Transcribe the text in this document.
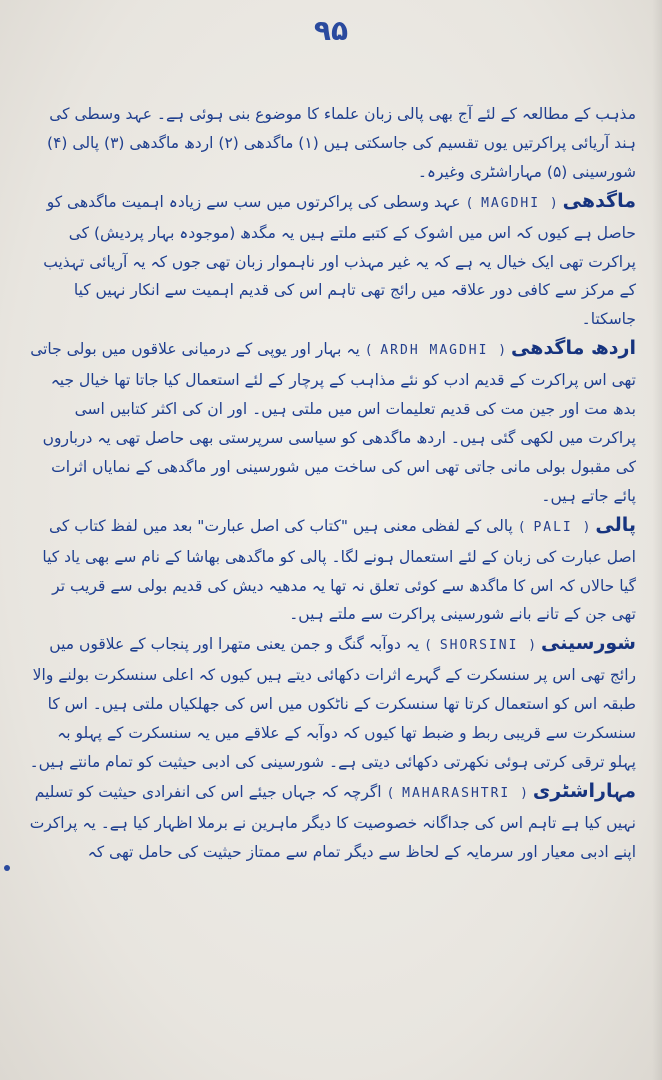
۹۵

مذہب کے مطالعہ کے لئے آج بھی پالی زبان علماء کا موضوع بنی ہوئی ہے۔ عہد وسطی کی ہند آریائی پراکرتیں یوں تقسیم کی جاسکتی ہیں (۱) ماگدھی (۲) اردھ ماگدھی (۳) پالی (۴) شورسینی (۵) مہاراشٹری وغیرہ۔

ماگدھی ( MAGDHI ) عہد وسطی کی پراکرتوں میں سب سے زیادہ اہمیت ماگدھی کو حاصل ہے کیوں کہ اس میں اشوک کے کتبے ملتے ہیں یہ مگدھ (موجودہ بہار پردیش) کی پراکرت تھی ایک خیال یہ ہے کہ یہ غیر مہذب اور ناہموار زبان تھی جوں کہ یہ آریائی تہذیب کے مرکز سے کافی دور علاقہ میں رائج تھی تاہم اس کی قدیم اہمیت سے انکار نہیں کیا جاسکتا۔

اردھ ماگدھی ( ARDH MAGDHI ) یہ بہار اور یوپی کے درمیانی علاقوں میں بولی جاتی تھی اس پراکرت کے قدیم ادب کو نئے مذاہب کے پرچار کے لئے استعمال کیا جاتا تھا خیال جیہ بدھ مت اور جین مت کی قدیم تعلیمات اس میں ملتی ہیں۔ اور ان کی اکثر کتابیں اسی پراکرت میں لکھی گئی ہیں۔ اردھ ماگدھی کو سیاسی سرپرستی بھی حاصل تھی یہ درباروں کی مقبول بولی مانی جاتی تھی اس کی ساخت میں شورسینی اور ماگدھی کے نمایاں اثرات پائے جاتے ہیں۔

پالی ( PALI ) پالی کے لفظی معنی ہیں "کتاب کی اصل عبارت" بعد میں لفظ کتاب کی اصل عبارت کی زبان کے لئے استعمال ہونے لگا۔ پالی کو ماگدھی بھاشا کے نام سے بھی یاد کیا گیا حالاں کہ اس کا ماگدھ سے کوئی تعلق نہ تھا یہ مدھیہ دیش کی قدیم بولی سے قریب تر تھی جن کے تانے بانے شورسینی پراکرت سے ملتے ہیں۔

شورسینی ( SHORSINI ) یہ دوآبہ گنگ و جمن یعنی متھرا اور پنجاب کے علاقوں میں رائج تھی اس پر سنسکرت کے گہرے اثرات دکھائی دیتے ہیں کیوں کہ اعلی سنسکرت بولنے والا طبقہ اس کو استعمال کرتا تھا سنسکرت کے ناٹکوں میں اس کی جھلکیاں ملتی ہیں۔ اس کا سنسکرت سے قریبی ربط و ضبط تھا کیوں کہ دوآبہ کے علاقے میں یہ سنسکرت کے پہلو بہ پہلو ترقی کرتی ہوئی نکھرتی دکھائی دیتی ہے۔ شورسینی کی ادبی حیثیت کو تمام مانتے ہیں۔

مہاراشٹری ( MAHARASHTRI ) اگرچہ کہ جہاں جیئے اس کی انفرادی حیثیت کو تسلیم نہیں کیا ہے تاہم اس کی جداگانہ خصوصیت کا دیگر ماہرین نے برملا اظہار کیا ہے۔ یہ پراکرت اپنے ادبی معیار اور سرمایہ کے لحاظ سے دیگر تمام سے ممتاز حیثیت کی حامل تھی کہ
